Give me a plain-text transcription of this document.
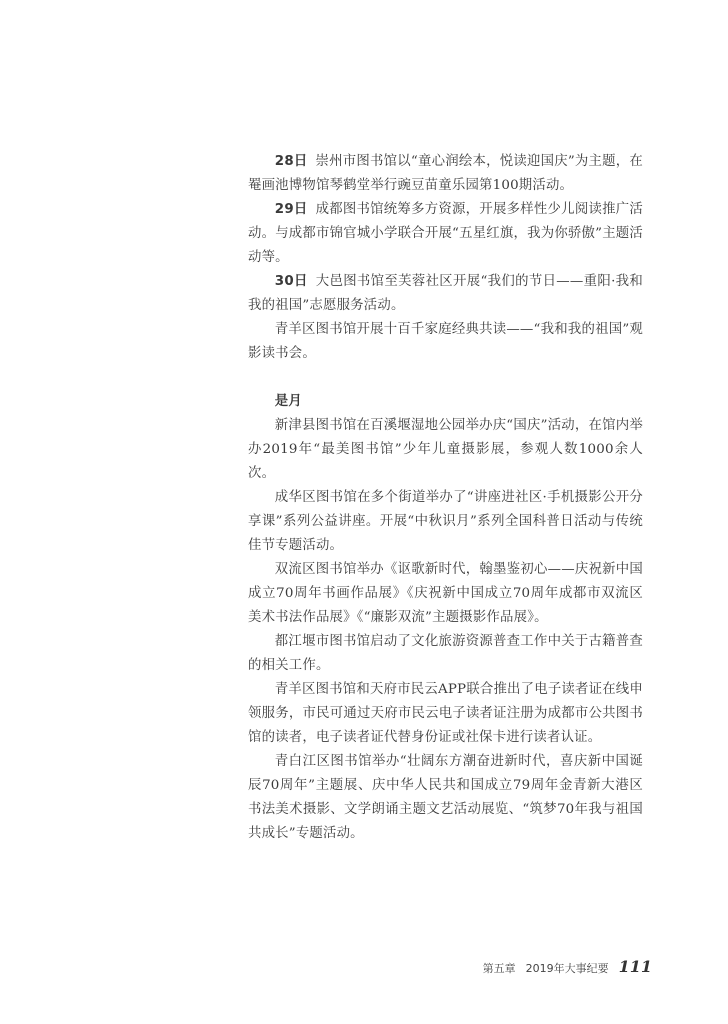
28日 崇州市图书馆以“童心润绘本，悦读迎国庆”为主题，在罨画池博物馆琴鹤堂举行豌豆苗童乐园第100期活动。

29日 成都图书馆统筹多方资源，开展多样性少儿阅读推广活动。与成都市锦官城小学联合开展“五星红旗，我为你骄傲”主题活动等。

30日 大邑图书馆至芙蓉社区开展“我们的节日——重阳·我和我的祖国”志愿服务活动。

青羊区图书馆开展十百千家庭经典共读——“我和我的祖国”观影读书会。

是月

新津县图书馆在百溪堰湿地公园举办庆“国庆”活动，在馆内举办2019年“最美图书馆”少年儿童摄影展，参观人数1000余人次。

成华区图书馆在多个街道举办了“讲座进社区·手机摄影公开分享课”系列公益讲座。开展“中秋识月”系列全国科普日活动与传统佳节专题活动。

双流区图书馆举办《讴歌新时代，翰墨鉴初心——庆祝新中国成立70周年书画作品展》《庆祝新中国成立70周年成都市双流区美术书法作品展》《“廉影双流”主题摄影作品展》。

都江堰市图书馆启动了文化旅游资源普查工作中关于古籍普查的相关工作。

青羊区图书馆和天府市民云APP联合推出了电子读者证在线申领服务，市民可通过天府市民云电子读者证注册为成都市公共图书馆的读者，电子读者证代替身份证或社保卡进行读者认证。

青白江区图书馆举办“壮阔东方潮奋进新时代，喜庆新中国诞辰70周年”主题展、庆中华人民共和国成立79周年金青新大港区书法美术摄影、文学朗诵主题文艺活动展览、“筑梦70年我与祖国共成长”专题活动。

第五章 2019年大事纪要 111
